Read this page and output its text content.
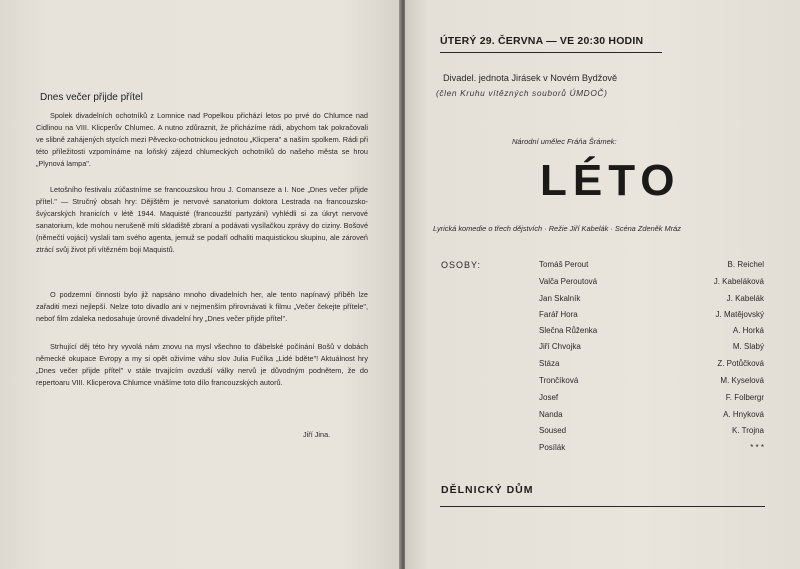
Dnes večer přijde přítel

Spolek divadelních ochotníků z Lomnice nad Popelkou přichází letos po prvé do Chlumce nad Cidlinou na VIII. Klicperův Chlumec. A nutno zdůraznit, že přicházíme rádi, abychom tak pokračovali ve slibně zahájených stycích mezi Pěvecko-ochotnickou jednotou „Klicpera" a naším spolkem. Rádi při této příležitosti vzpomínáme na loňský zájezd chlumeckých ochotníků do našeho města se hrou „Plynová lampa".

Letošního festivalu zúčastníme se francouzskou hrou J. Comanseze a I. Noe „Dnes večer přijde přítel." — Stručný obsah hry: Dějištěm je nervové sanatorium doktora Lestrada na francouzsko-švýcarských hranicích v létě 1944. Maquisté (francouzští partyzáni) vyhlédli si za úkryt nervové sanatorium, kde mohou nerušeně míti skladiště zbraní a podávati vysílačkou zprávy do ciziny. Bošové (němečtí vojáci) vyslali tam svého agenta, jemuž se podaří odhaliti maquistickou skupinu, ale zároveň ztrácí svůj život při vítězném boji Maquistů.

O podzemní činnosti bylo již napsáno mnoho divadelních her, ale tento napínavý příběh lze zařaditi mezi nejlepší. Nelze toto divadlo ani v nejmenším přirovnávati k filmu „Večer čekejte přítele", neboť film zdaleka nedosahuje úrovně divadelní hry „Dnes večer přijde přítel".

Strhující děj této hry vyvolá nám znovu na mysl všechno to ďábelské počínání Bošů v dobách německé okupace Evropy a my si opět oživíme váhu slov Julia Fučíka „Lidé bděte"! Aktuálnost hry „Dnes večer přijde přítel" v stále trvajícím ovzduší války nervů je důvodným podnětem, že do repertoaru VIII. Klicperova Chlumce vnášíme toto dílo francouzských autorů.

Jiří Jina.
ÚTERÝ 29. ČERVNA — VE 20:30 HODIN
Divadel. jednota Jirásek v Novém Bydžově
(člen Kruhu vítězných souborů ÚMDOČ)
Národní umělec Fráňa Šrámek:
LÉTO
Lyrická komedie o třech dějstvích · Režie Jiří Kabelák · Scéna Zdeněk Mráz
OSOBY:	Tomáš Perout	B. Reichel
Valča Peroutová	J. Kabeláková
Jan Skalník	J. Kabelák
Farář Hora	J. Matějovský
Slečna Růženka	A. Horká
Jiří Chvojka	M. Slabý
Stáza	Z. Potůčková
Trončíková	M. Kyselová
Josef	F. Folbergr
Nanda	A. Hnyková
Soused	K. Trojna
Posílák	* * *
DĚLNICKÝ DŮM
